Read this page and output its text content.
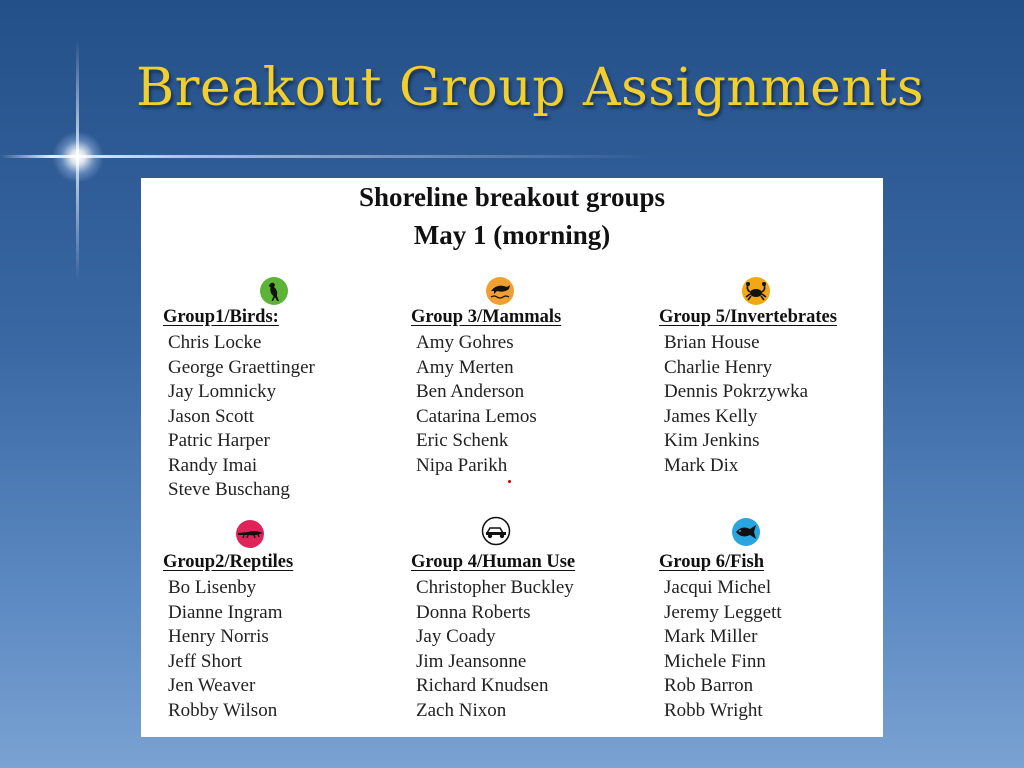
Breakout Group Assignments
Shoreline breakout groups
May 1 (morning)
Group1/Birds:
Chris Locke
George Graettinger
Jay Lomnicky
Jason Scott
Patric Harper
Randy Imai
Steve Buschang
Group 3/Mammals
Amy Gohres
Amy Merten
Ben Anderson
Catarina Lemos
Eric Schenk
Nipa Parikh
Group 5/Invertebrates
Brian House
Charlie Henry
Dennis Pokrzywka
James Kelly
Kim Jenkins
Mark Dix
Group2/Reptiles
Bo Lisenby
Dianne Ingram
Henry Norris
Jeff Short
Jen Weaver
Robby Wilson
Group 4/Human Use
Christopher Buckley
Donna Roberts
Jay Coady
Jim Jeansonne
Richard Knudsen
Zach Nixon
Group 6/Fish
Jacqui Michel
Jeremy Leggett
Mark Miller
Michele Finn
Rob Barron
Robb Wright
